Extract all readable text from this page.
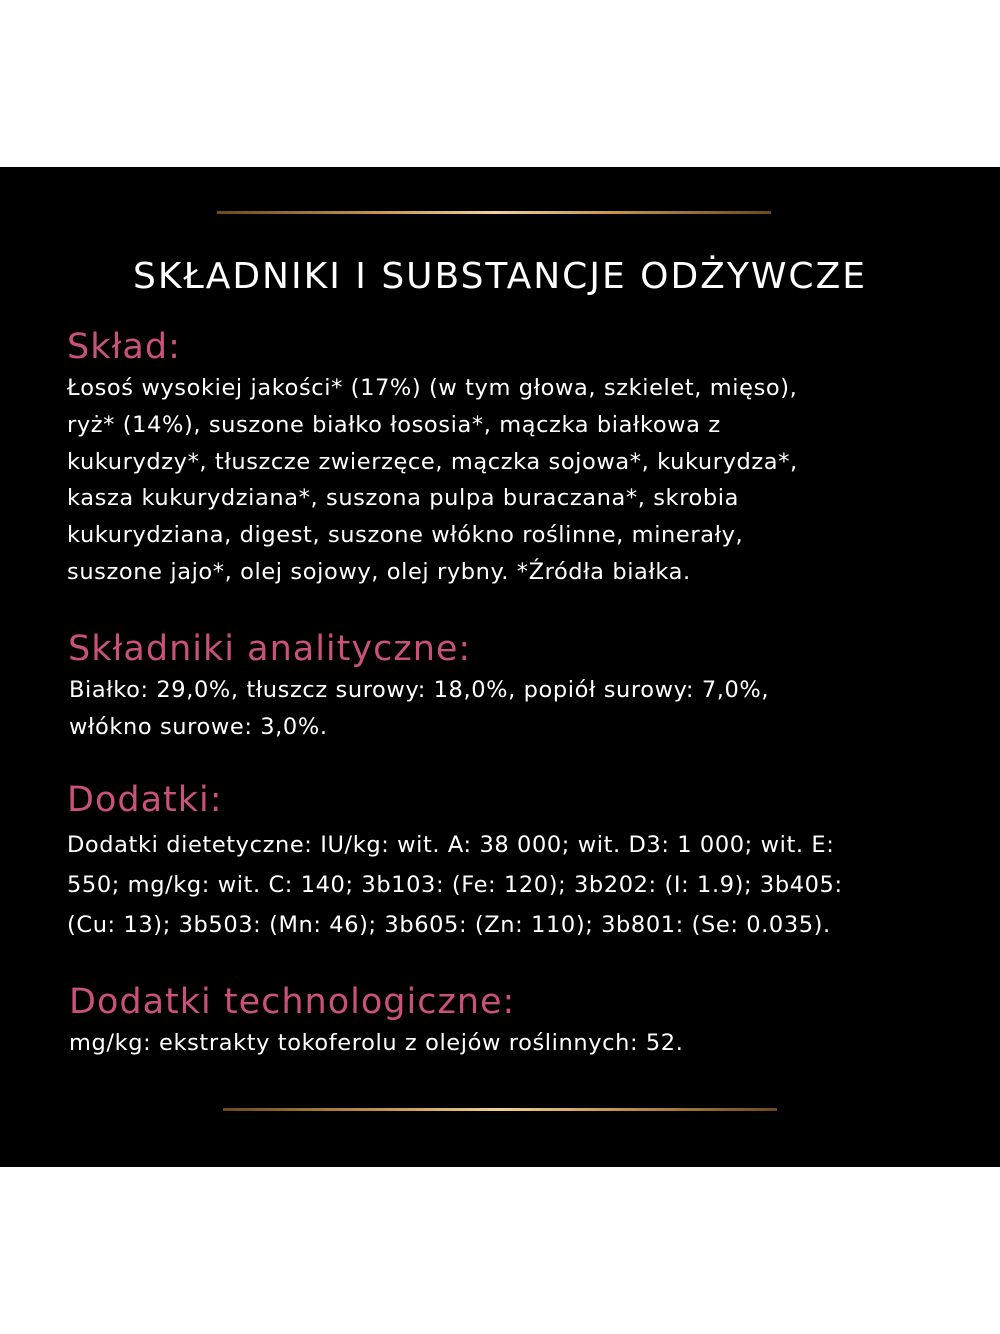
SKŁADNIKI I SUBSTANCJE ODŻYWCZE
Skład:
Łosoś wysokiej jakości* (17%) (w tym głowa, szkielet, mięso),
ryż* (14%), suszone białko łososia*, mączka białkowa z
kukurydzy*, tłuszcze zwierzęce, mączka sojowa*, kukurydza*,
kasza kukurydziana*, suszona pulpa buraczana*, skrobia
kukurydziana, digest, suszone włókno roślinne, minerały,
suszone jajo*, olej sojowy, olej rybny. *Źródła białka.
Składniki analityczne:
Białko: 29,0%, tłuszcz surowy: 18,0%, popiół surowy: 7,0%,
włókno surowe: 3,0%.
Dodatki:
Dodatki dietetyczne: IU/kg: wit. A: 38 000; wit. D3: 1 000; wit. E:
550; mg/kg: wit. C: 140; 3b103: (Fe: 120); 3b202: (I: 1.9); 3b405:
(Cu: 13); 3b503: (Mn: 46); 3b605: (Zn: 110); 3b801: (Se: 0.035).
Dodatki technologiczne:
mg/kg: ekstrakty tokoferolu z olejów roślinnych: 52.
